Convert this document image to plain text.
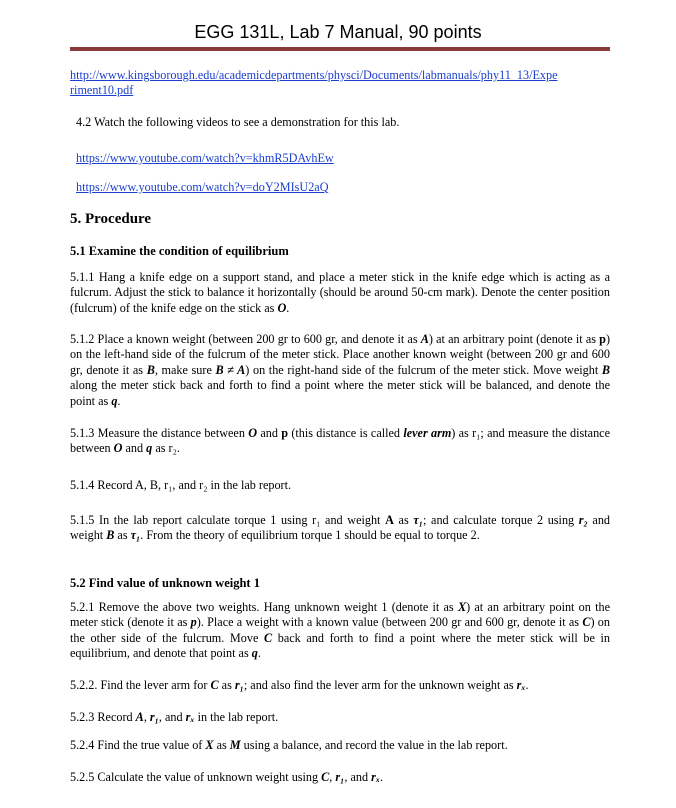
EGG 131L, Lab 7 Manual, 90 points
http://www.kingsborough.edu/academicdepartments/physci/Documents/labmanuals/phy11_13/Expe
riment10.pdf
4.2 Watch the following videos to see a demonstration for this lab.
https://www.youtube.com/watch?v=khmR5DAvhEw
https://www.youtube.com/watch?v=doY2MIsU2aQ
5. Procedure
5.1 Examine the condition of equilibrium
5.1.1 Hang a knife edge on a support stand, and place a meter stick in the knife edge which is acting as a fulcrum. Adjust the stick to balance it horizontally (should be around 50-cm mark). Denote the center position (fulcrum) of the knife edge on the stick as O.
5.1.2 Place a known weight (between 200 gr to 600 gr, and denote it as A) at an arbitrary point (denote it as p) on the left-hand side of the fulcrum of the meter stick. Place another known weight (between 200 gr and 600 gr, denote it as B, make sure B ≠ A) on the right-hand side of the fulcrum of the meter stick. Move weight B along the meter stick back and forth to find a point where the meter stick will be balanced, and denote the point as q.
5.1.3 Measure the distance between O and p (this distance is called lever arm) as r₁; and measure the distance between O and q as r₂.
5.1.4 Record A, B, r₁, and r₂ in the lab report.
5.1.5 In the lab report calculate torque 1 using r₁ and weight A as τ₁; and calculate torque 2 using r₂ and weight B as τ₁. From the theory of equilibrium torque 1 should be equal to torque 2.
5.2 Find value of unknown weight 1
5.2.1 Remove the above two weights. Hang unknown weight 1 (denote it as X) at an arbitrary point on the meter stick (denote it as p). Place a weight with a known value (between 200 gr and 600 gr, denote it as C) on the other side of the fulcrum. Move C back and forth to find a point where the meter stick will be in equilibrium, and denote that point as q.
5.2.2. Find the lever arm for C as r₁; and also find the lever arm for the unknown weight as rₓ.
5.2.3 Record A, r₁, and rₓ in the lab report.
5.2.4 Find the true value of X as M using a balance, and record the value in the lab report.
5.2.5 Calculate the value of unknown weight using C, r₁, and rₓ.
